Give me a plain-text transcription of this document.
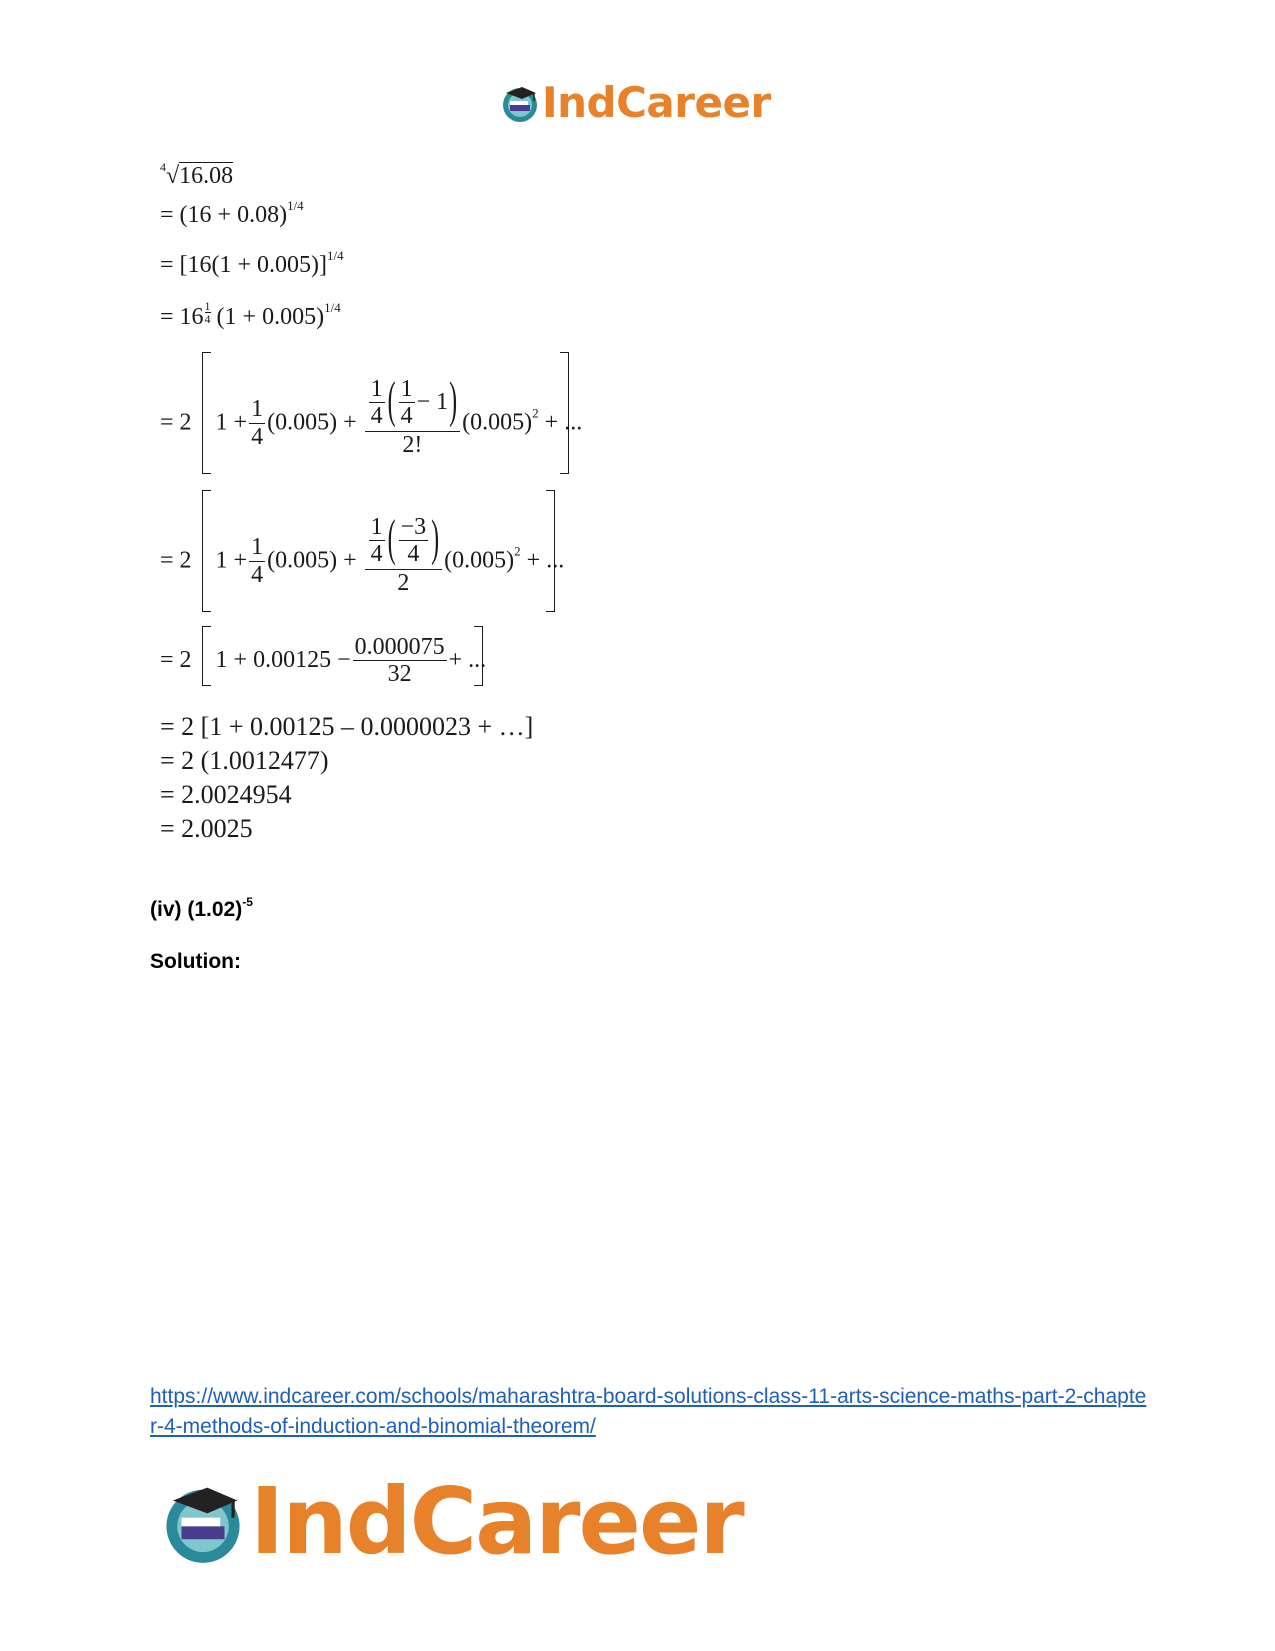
IndCareer
$^4$√16.08
= $(16 + 0.08)^{1/4}$
= $[16(1 + 0.005)]^{1/4}$
= $16 \frac{1}{4} (1 + 0.005)^{1/4}$
= 2 $1 + \frac{1}{4} (0.005) + \frac{\frac{1}{4} ( \frac{1}{4} - 1)}{2!} (0.005)^2$ + ...
= 2 $1 + \frac{1}{4} (0.005) + \frac{\frac{1}{4} ( \frac{-3}{4} )}{2} (0.005)^2$ + ...
= 2 $1 + 0.00125 - \frac{0.000075}{32}$ + ...
= 2 [1 + 0.00125 – 0.0000023 + …]
= 2 (1.0012477)
= 2.0024954
= 2.0025
(iv) $(1.02)^{-5}$
Solution:
https://www.indcareer.com/schools/maharashtra-board-solutions-class-11-arts-science-maths-part-2-chapter-4-methods-of-induction-and-binomial-theorem/
IndCareer
